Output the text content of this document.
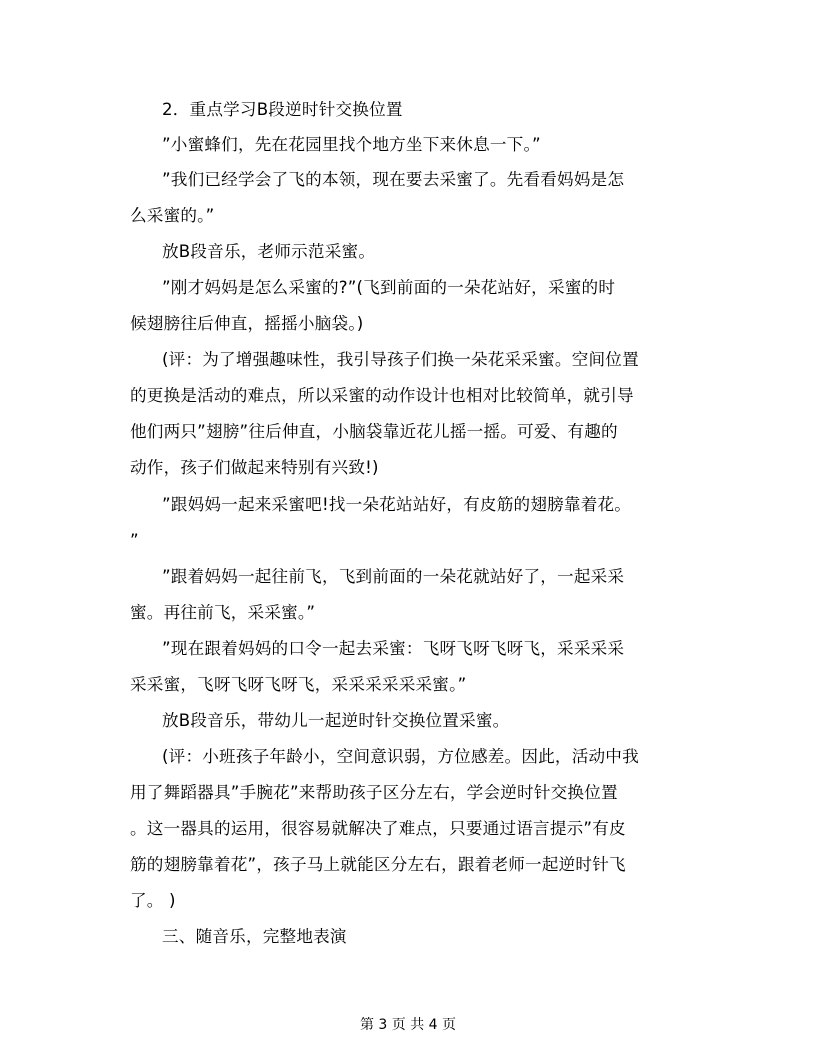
2．重点学习B段逆时针交换位置
”小蜜蜂们，先在花园里找个地方坐下来休息一下。”
”我们已经学会了飞的本领，现在要去采蜜了。先看看妈妈是怎
么采蜜的。”
放B段音乐，老师示范采蜜。
”刚才妈妈是怎么采蜜的?”(飞到前面的一朵花站好，采蜜的时
候翅膀往后伸直，摇摇小脑袋。)
(评：为了增强趣味性，我引导孩子们换一朵花采采蜜。空间位置
的更换是活动的难点，所以采蜜的动作设计也相对比较简单，就引导
他们两只”翅膀”往后伸直，小脑袋靠近花儿摇一摇。可爱、有趣的
动作，孩子们做起来特别有兴致!)
”跟妈妈一起来采蜜吧!找一朵花站站好，有皮筋的翅膀靠着花。
”
”跟着妈妈一起往前飞，飞到前面的一朵花就站好了，一起采采
蜜。再往前飞，采采蜜。”
”现在跟着妈妈的口令一起去采蜜：飞呀飞呀飞呀飞，采采采采
采采蜜，飞呀飞呀飞呀飞，采采采采采采蜜。”
放B段音乐，带幼儿一起逆时针交换位置采蜜。
(评：小班孩子年龄小，空间意识弱，方位感差。因此，活动中我
用了舞蹈器具”手腕花”来帮助孩子区分左右，学会逆时针交换位置
。这一器具的运用，很容易就解决了难点，只要通过语言提示”有皮
筋的翅膀靠着花”，孩子马上就能区分左右，跟着老师一起逆时针飞
了。 )
三、随音乐，完整地表演
第 3 页 共 4 页
